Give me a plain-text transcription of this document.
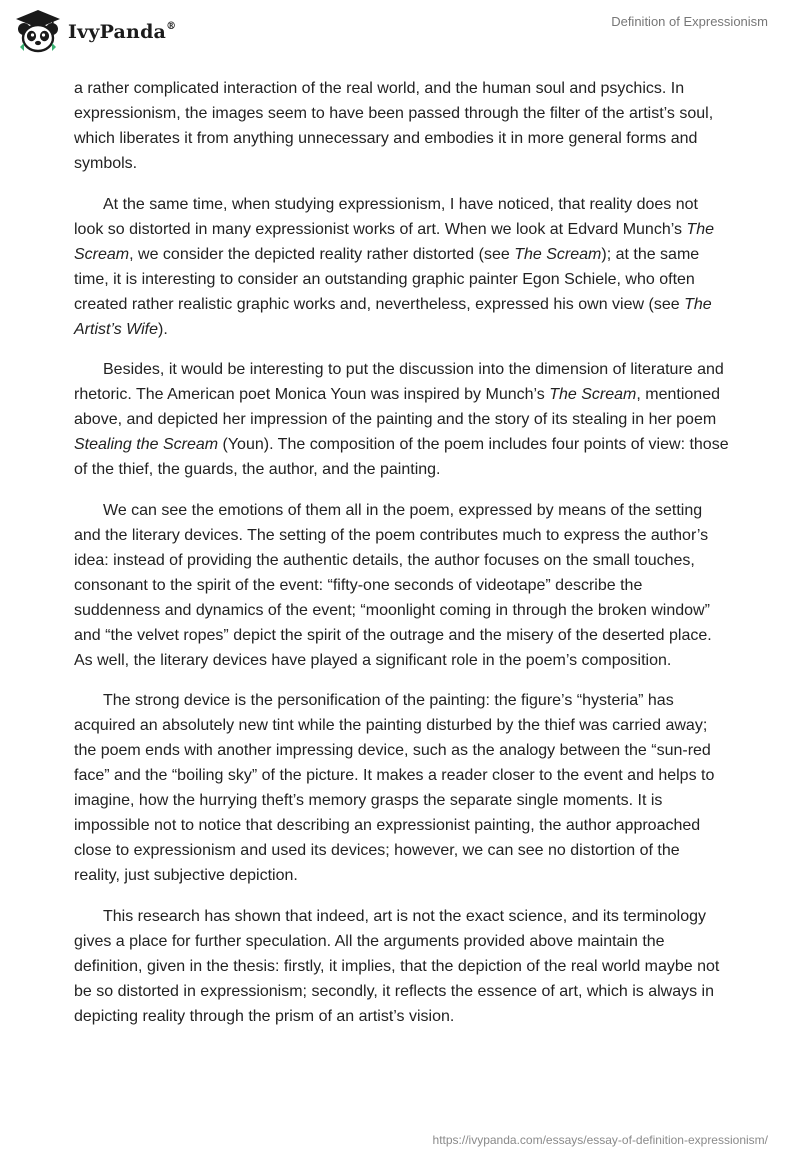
IvyPanda®	Definition of Expressionism

a rather complicated interaction of the real world, and the human soul and psychics. In expressionism, the images seem to have been passed through the filter of the artist’s soul, which liberates it from anything unnecessary and embodies it in more general forms and symbols.

At the same time, when studying expressionism, I have noticed, that reality does not look so distorted in many expressionist works of art. When we look at Edvard Munch’s The Scream, we consider the depicted reality rather distorted (see The Scream); at the same time, it is interesting to consider an outstanding graphic painter Egon Schiele, who often created rather realistic graphic works and, nevertheless, expressed his own view (see The Artist’s Wife).

Besides, it would be interesting to put the discussion into the dimension of literature and rhetoric. The American poet Monica Youn was inspired by Munch’s The Scream, mentioned above, and depicted her impression of the painting and the story of its stealing in her poem Stealing the Scream (Youn). The composition of the poem includes four points of view: those of the thief, the guards, the author, and the painting.

We can see the emotions of them all in the poem, expressed by means of the setting and the literary devices. The setting of the poem contributes much to express the author’s idea: instead of providing the authentic details, the author focuses on the small touches, consonant to the spirit of the event: “fifty-one seconds of videotape” describe the suddenness and dynamics of the event; “moonlight coming in through the broken window” and “the velvet ropes” depict the spirit of the outrage and the misery of the deserted place. As well, the literary devices have played a significant role in the poem’s composition.

The strong device is the personification of the painting: the figure’s “hysteria” has acquired an absolutely new tint while the painting disturbed by the thief was carried away; the poem ends with another impressing device, such as the analogy between the “sun-red face” and the “boiling sky” of the picture. It makes a reader closer to the event and helps to imagine, how the hurrying theft’s memory grasps the separate single moments. It is impossible not to notice that describing an expressionist painting, the author approached close to expressionism and used its devices; however, we can see no distortion of the reality, just subjective depiction.

This research has shown that indeed, art is not the exact science, and its terminology gives a place for further speculation. All the arguments provided above maintain the definition, given in the thesis: firstly, it implies, that the depiction of the real world maybe not be so distorted in expressionism; secondly, it reflects the essence of art, which is always in depicting reality through the prism of an artist’s vision.

https://ivypanda.com/essays/essay-of-definition-expressionism/
